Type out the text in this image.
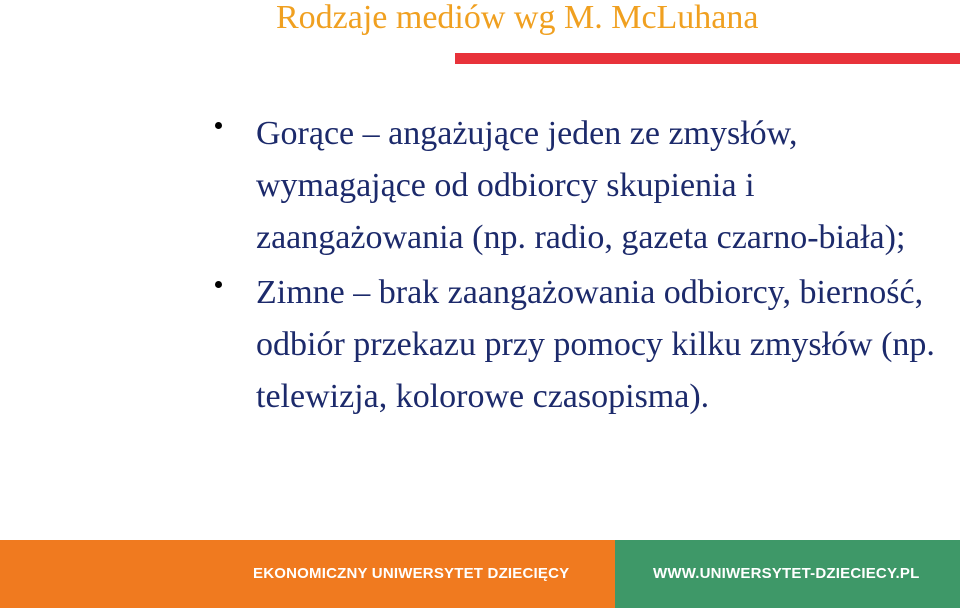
Rodzaje mediów wg M. McLuhana
Gorące – angażujące jeden ze zmysłów, wymagające od odbiorcy skupienia i zaangażowania (np. radio, gazeta czarno-biała);
Zimne – brak zaangażowania odbiorcy, bierność, odbiór przekazu przy pomocy kilku zmysłów (np. telewizja, kolorowe czasopisma).
EKONOMICZNY UNIWERSYTET DZIECIĘCY	WWW.UNIWERSYTET-DZIECIECY.PL
